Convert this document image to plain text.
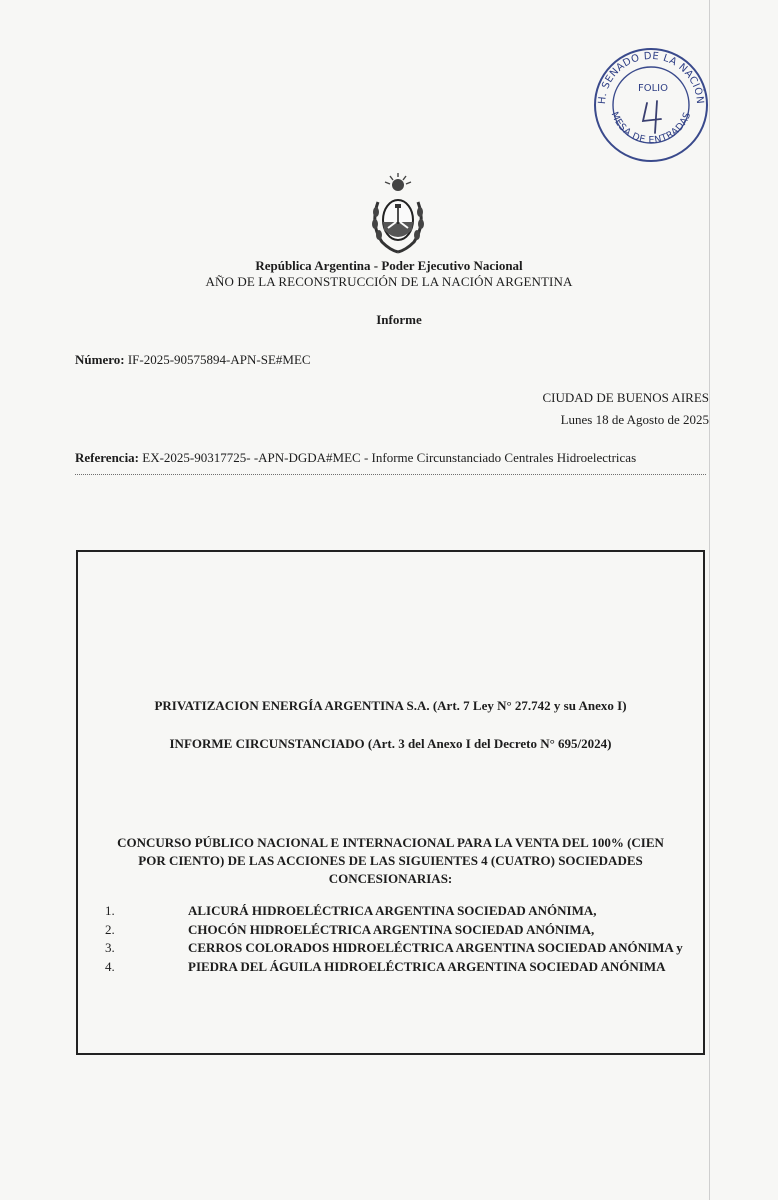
H. SENADO DE LA NACIÓN
MESA DE ENTRADAS
FOLIO
República Argentina - Poder Ejecutivo Nacional
AÑO DE LA RECONSTRUCCIÓN DE LA NACIÓN ARGENTINA
Informe
Número: IF-2025-90575894-APN-SE#MEC
CIUDAD DE BUENOS AIRES
Lunes 18 de Agosto de 2025
Referencia: EX-2025-90317725- -APN-DGDA#MEC - Informe Circunstanciado Centrales Hidroelectricas
PRIVATIZACION ENERGÍA ARGENTINA S.A. (Art. 7 Ley N° 27.742 y su Anexo I)
INFORME CIRCUNSTANCIADO (Art. 3 del Anexo I del Decreto N° 695/2024)
CONCURSO PÚBLICO NACIONAL E INTERNACIONAL PARA LA VENTA DEL 100% (CIEN
POR CIENTO) DE LAS ACCIONES DE LAS SIGUIENTES 4 (CUATRO) SOCIEDADES
CONCESIONARIAS:
1.	ALICURÁ HIDROELÉCTRICA ARGENTINA SOCIEDAD ANÓNIMA,
2.	CHOCÓN HIDROELÉCTRICA ARGENTINA SOCIEDAD ANÓNIMA,
3.	CERROS COLORADOS HIDROELÉCTRICA ARGENTINA SOCIEDAD ANÓNIMA y
4.	PIEDRA DEL ÁGUILA HIDROELÉCTRICA ARGENTINA SOCIEDAD ANÓNIMA
